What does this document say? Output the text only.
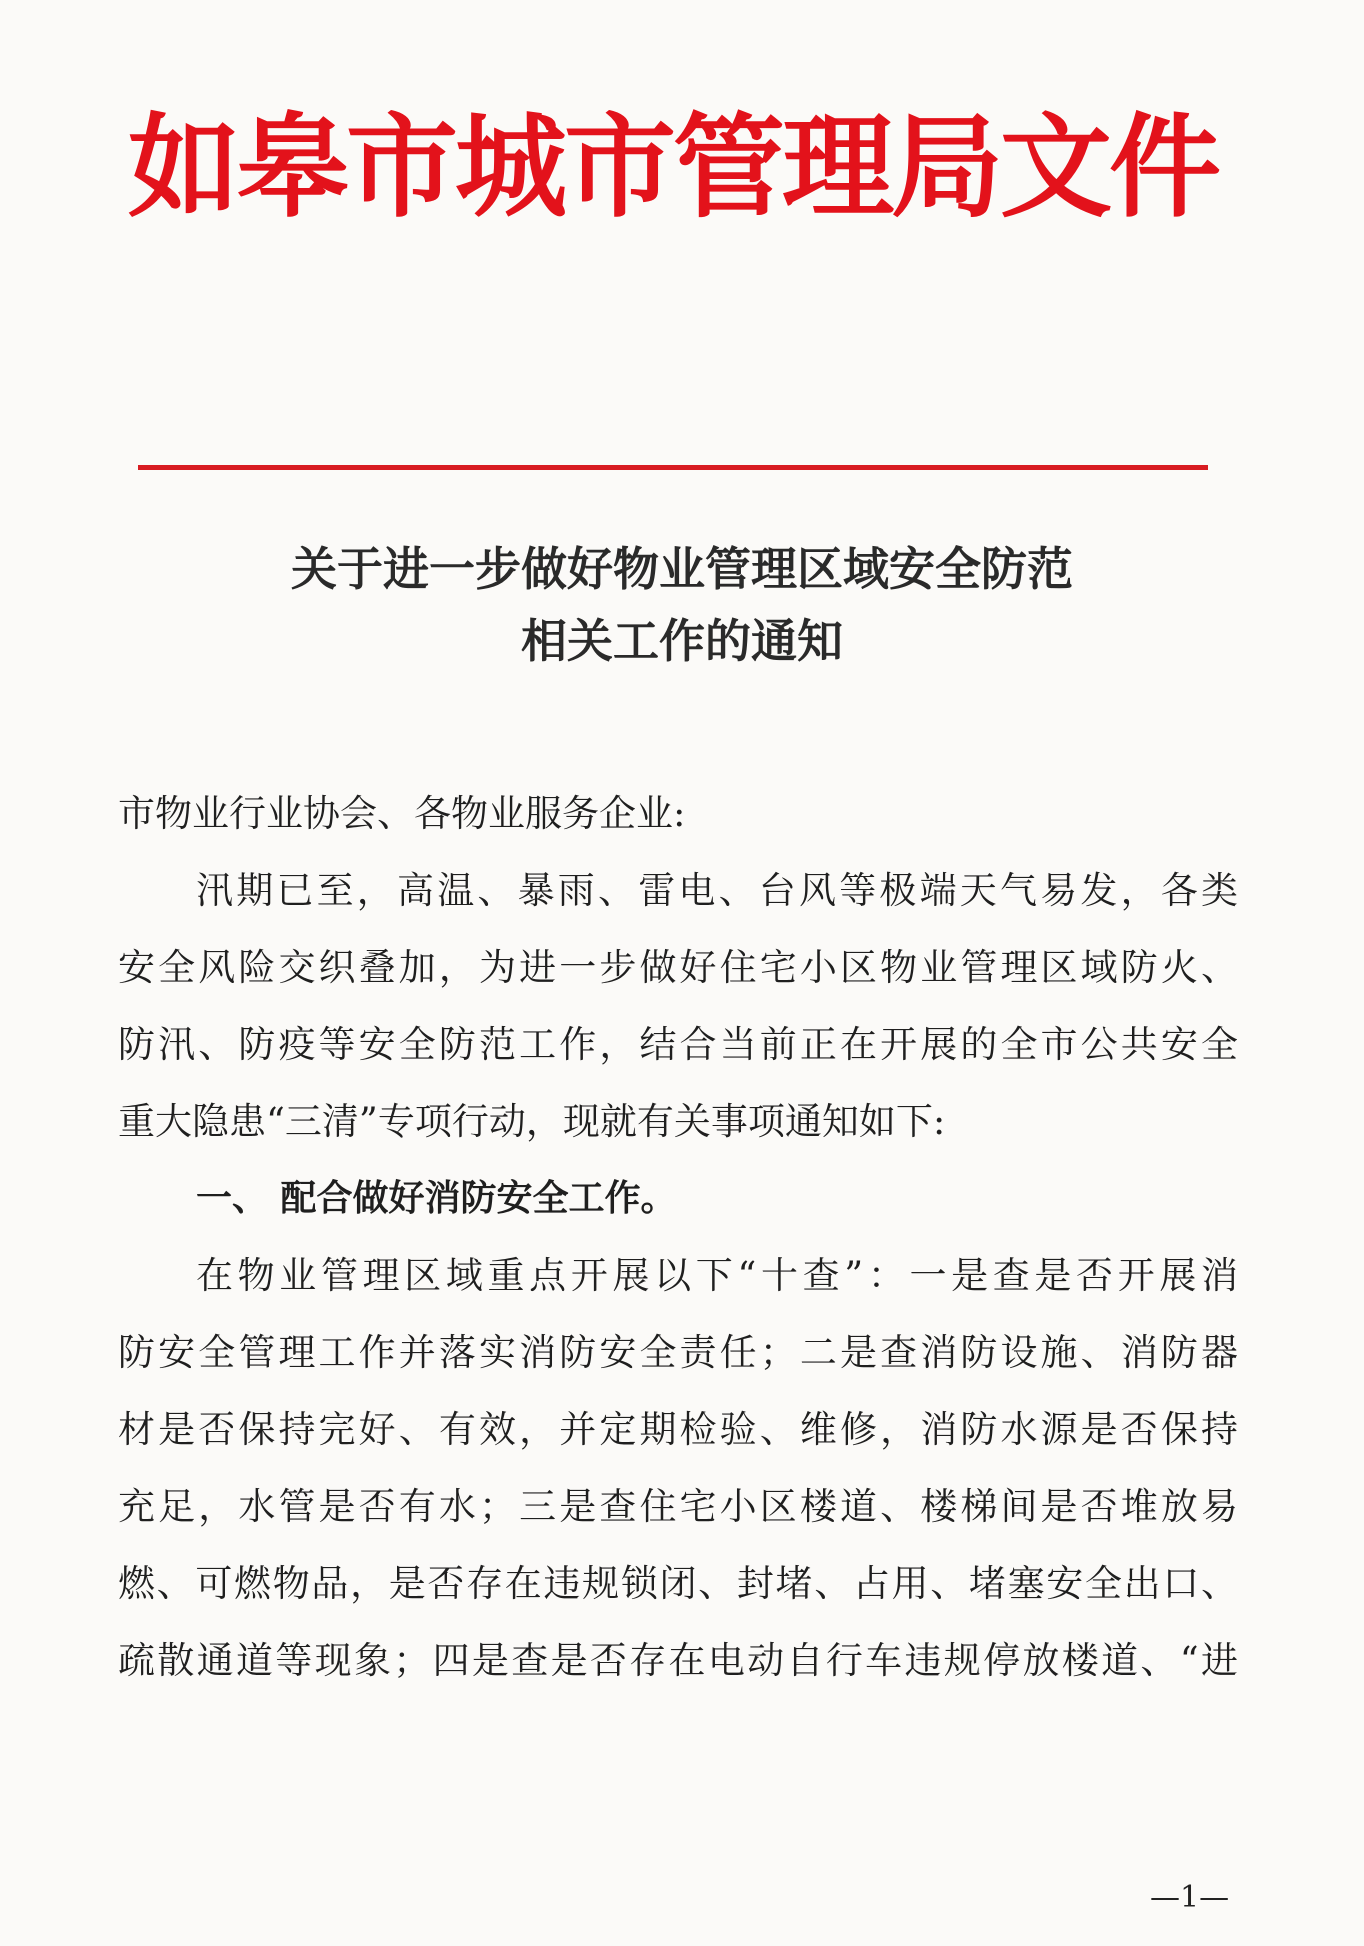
如皋市城市管理局文件
关于进一步做好物业管理区域安全防范
相关工作的通知
市物业行业协会、各物业服务企业:
汛期已至，高温、暴雨、雷电、台风等极端天气易发，各类
安全风险交织叠加，为进一步做好住宅小区物业管理区域防火、
防汛、防疫等安全防范工作，结合当前正在开展的全市公共安全
重大隐患“三清”专项行动，现就有关事项通知如下:
一、 配合做好消防安全工作。
在物业管理区域重点开展以下“十查”：一是查是否开展消
防安全管理工作并落实消防安全责任；二是查消防设施、消防器
材是否保持完好、有效，并定期检验、维修，消防水源是否保持
充足，水管是否有水；三是查住宅小区楼道、楼梯间是否堆放易
燃、可燃物品，是否存在违规锁闭、封堵、占用、堵塞安全出口、
疏散通道等现象；四是查是否存在电动自行车违规停放楼道、“进
—1—
